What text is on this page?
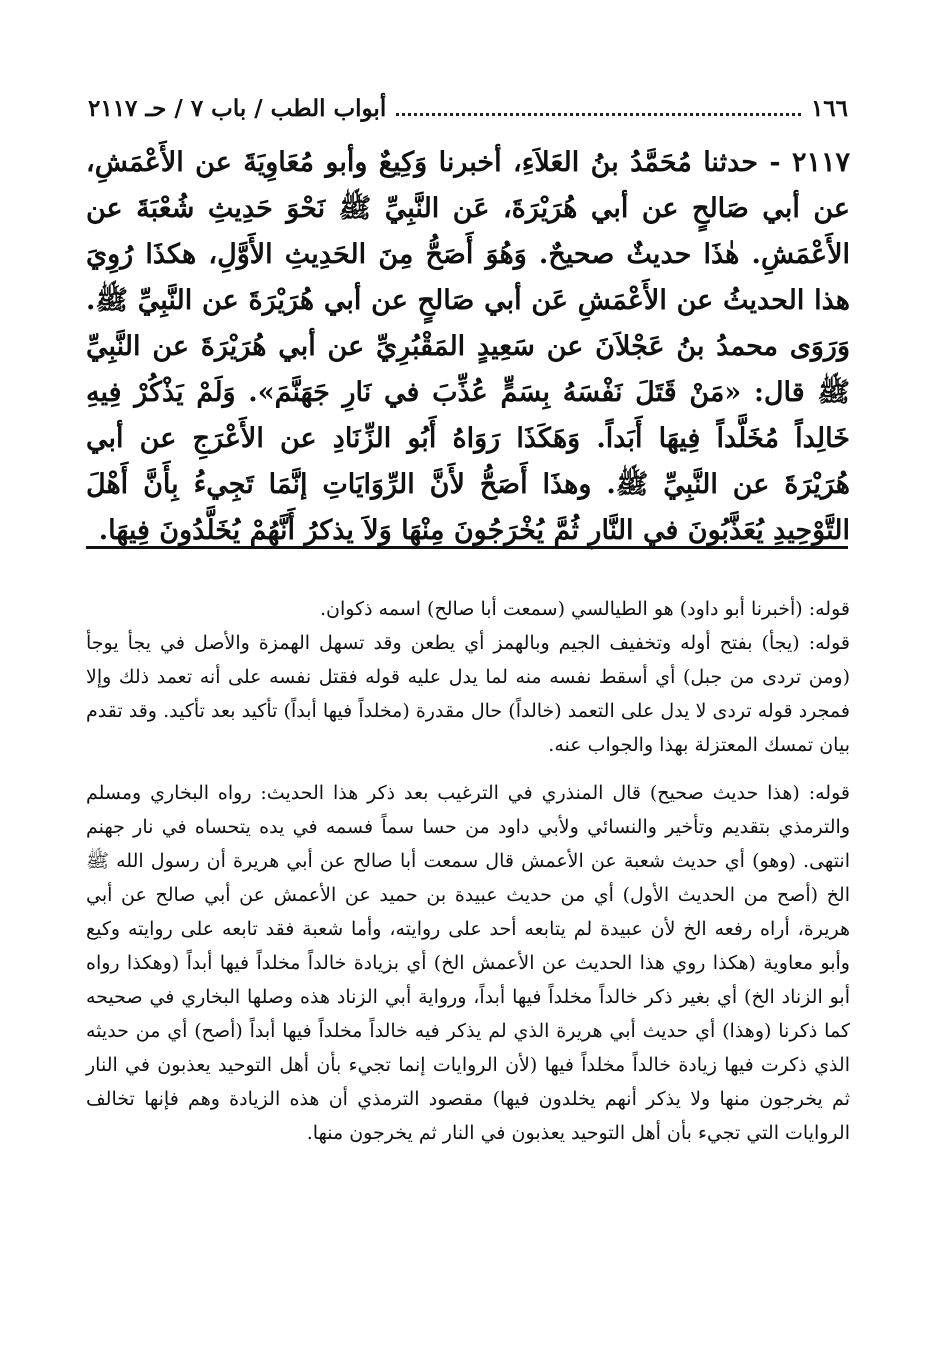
١٦٦
أبواب الطب / باب ٧ / حـ ٢١١٧
٢١١٧ - حدثنا مُحَمَّدُ بنُ العَلاَءِ، أخبرنا وَكِيعٌ وأبو مُعَاوِيَةَ عن الأَعْمَشِ، عن أبي صَالحٍ عن أبي هُرَيْرَةَ، عَن النَّبِيِّ ﷺ نَحْوَ حَدِيثِ شُعْبَةَ عن الأَعْمَشِ. هٰذَا حديثٌ صحيحٌ. وَهُوَ أَصَحُّ مِنَ الحَدِيثِ الأَوَّلِ، هكذَا رُوِيَ هذا الحديثُ عن الأَعْمَشِ عَن أبي صَالحٍ عن أبي هُرَيْرَةَ عن النَّبِيِّ ﷺ. وَرَوَى محمدُ بنُ عَجْلاَنَ عن سَعِيدٍ المَقْبُرِيِّ عن أبي هُرَيْرَةَ عن النَّبِيِّ ﷺ قال: «مَنْ قَتَلَ نَفْسَهُ بِسَمٍّ عُذِّبَ في نَارِ جَهَنَّمَ». وَلَمْ يَذْكُرْ فِيهِ خَالِداً مُخَلَّداً فِيهَا أَبَداً. وَهَكَذَا رَوَاهُ أَبُو الزِّنَادِ عن الأَعْرَجِ عن أبي هُرَيْرَةَ عن النَّبِيِّ ﷺ. وهذَا أَصَحُّ لأَنَّ الرِّوَايَاتِ إنَّمَا تَجِيءُ بِأَنَّ أَهْلَ التَّوْحِيدِ يُعَذَّبُونَ في النَّارِ ثُمَّ يُخْرَجُونَ مِنْهَا وَلاَ يذكرُ أَنَّهُمْ يُخَلَّدُونَ فِيهَا.

قوله: (أخبرنا أبو داود) هو الطيالسي (سمعت أبا صالح) اسمه ذكوان.

قوله: (يجأ) بفتح أوله وتخفيف الجيم وبالهمز أي يطعن وقد تسهل الهمزة والأصل في يجأ يوجأ (ومن تردى من جبل) أي أسقط نفسه منه لما يدل عليه قوله فقتل نفسه على أنه تعمد ذلك وإلا فمجرد قوله تردى لا يدل على التعمد (خالداً) حال مقدرة (مخلداً فيها أبداً) تأكيد بعد تأكيد. وقد تقدم بيان تمسك المعتزلة بهذا والجواب عنه.

قوله: (هذا حديث صحيح) قال المنذري في الترغيب بعد ذكر هذا الحديث: رواه البخاري ومسلم والترمذي بتقديم وتأخير والنسائي ولأبي داود من حسا سماً فسمه في يده يتحساه في نار جهنم انتهى. (وهو) أي حديث شعبة عن الأعمش قال سمعت أبا صالح عن أبي هريرة أن رسول الله ﷺ الخ (أصح من الحديث الأول) أي من حديث عبيدة بن حميد عن الأعمش عن أبي صالح عن أبي هريرة، أراه رفعه الخ لأن عبيدة لم يتابعه أحد على روايته، وأما شعبة فقد تابعه على روايته وكيع وأبو معاوية (هكذا روي هذا الحديث عن الأعمش الخ) أي بزيادة خالداً مخلداً فيها أبداً (وهكذا رواه أبو الزناد الخ) أي بغير ذكر خالداً مخلداً فيها أبداً، ورواية أبي الزناد هذه وصلها البخاري في صحيحه كما ذكرنا (وهذا) أي حديث أبي هريرة الذي لم يذكر فيه خالداً مخلداً فيها أبداً (أصح) أي من حديثه الذي ذكرت فيها زيادة خالداً مخلداً فيها (لأن الروايات إنما تجيء بأن أهل التوحيد يعذبون في النار ثم يخرجون منها ولا يذكر أنهم يخلدون فيها) مقصود الترمذي أن هذه الزيادة وهم فإنها تخالف الروايات التي تجيء بأن أهل التوحيد يعذبون في النار ثم يخرجون منها.
